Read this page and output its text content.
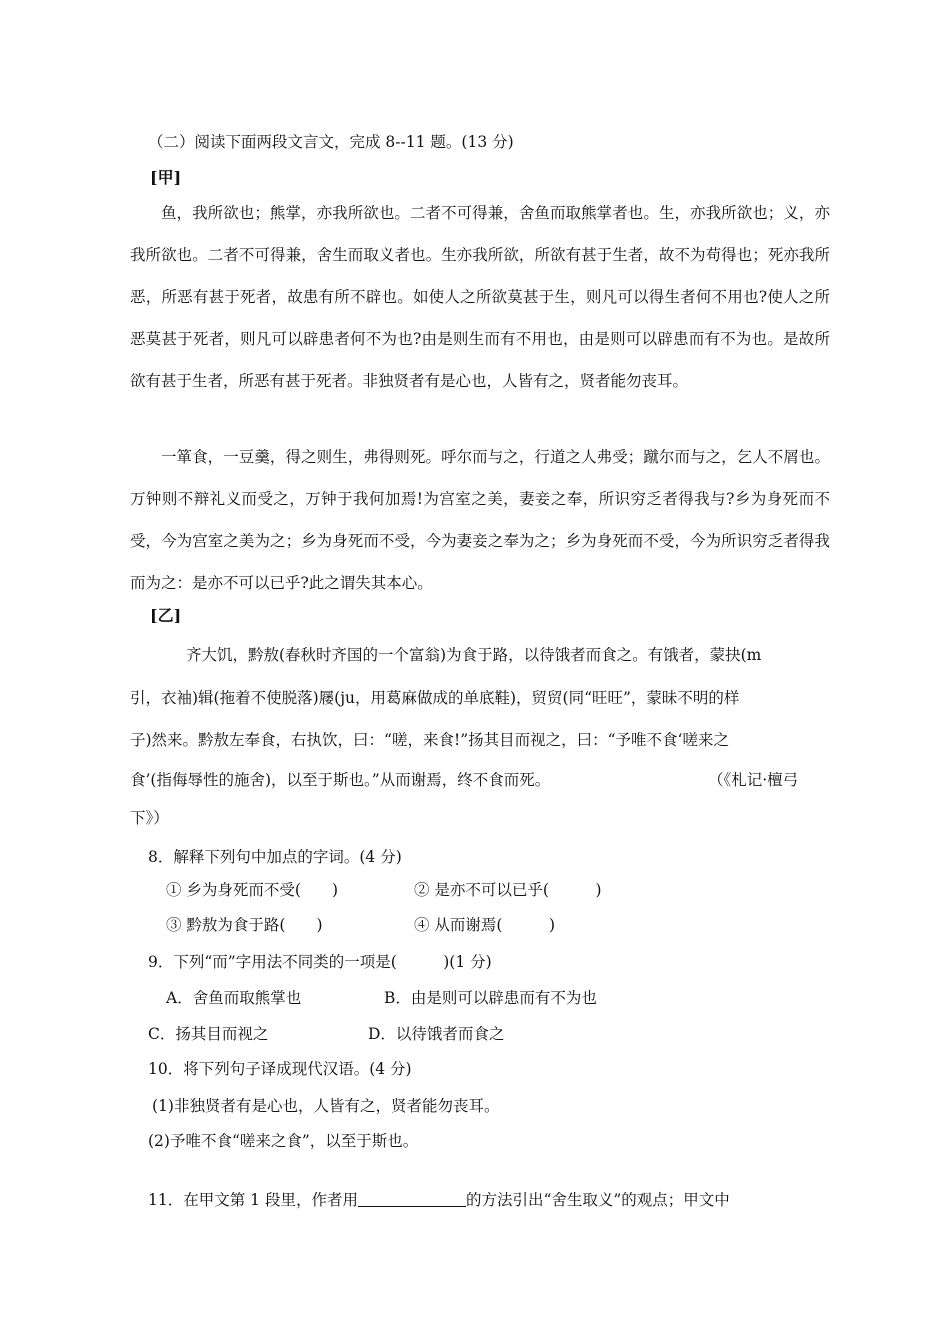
（二）阅读下面两段文言文，完成 8--11 题。(13 分)
[甲]

鱼，我所欲也；熊掌，亦我所欲也。二者不可得兼，舍鱼而取熊掌者也。生，亦我所欲也；义，亦我所欲也。二者不可得兼，舍生而取义者也。生亦我所欲，所欲有甚于生者，故不为苟得也；死亦我所恶，所恶有甚于死者，故患有所不辟也。如使人之所欲莫甚于生，则凡可以得生者何不用也?使人之所恶莫甚于死者，则凡可以辟患者何不为也?由是则生而有不用也，由是则可以辟患而有不为也。是故所欲有甚于生者，所恶有甚于死者。非独贤者有是心也，人皆有之，贤者能勿丧耳。

一箪食，一豆羹，得之则生，弗得则死。呼尔而与之，行道之人弗受；蹴尔而与之，乞人不屑也。万钟则不辩礼义而受之，万钟于我何加焉!为宫室之美，妻妾之奉，所识穷乏者得我与?乡为身死而不受，今为宫室之美为之；乡为身死而不受，今为妻妾之奉为之；乡为身死而不受，今为所识穷乏者得我而为之：是亦不可以已乎?此之谓失其本心。

[乙]
齐大饥，黔敖(春秋时齐国的一个富翁)为食于路，以待饿者而食之。有饿者，蒙抉(m
引，衣袖)辑(拖着不使脱落)屦(ju，用葛麻做成的单底鞋)，贸贸(同“旺旺”，蒙昧不明的样
子)然来。黔敖左奉食，右执饮，曰：“嗟，来食!”扬其目而视之，曰：“予唯不食‘嗟来之
食’(指侮辱性的施舍)，以至于斯也。”从而谢焉，终不食而死。	（《札记·檀弓
下》）
8．解释下列句中加点的字词。(4 分)
① 乡为身死而不受(　　)	② 是亦不可以已乎(　　　)
③ 黔敖为食于路(　　)	④ 从而谢焉(　　　)
9．下列“而”字用法不同类的一项是(　　　)(1 分)
A．舍鱼而取熊掌也	B．由是则可以辟患而有不为也
C．扬其目而视之	D．以待饿者而食之
10．将下列句子译成现代汉语。(4 分)
(1)非独贤者有是心也，人皆有之，贤者能勿丧耳。
(2)予唯不食“嗟来之食”，以至于斯也。
11．在甲文第 1 段里，作者用	的方法引出“舍生取义”的观点；甲文中
